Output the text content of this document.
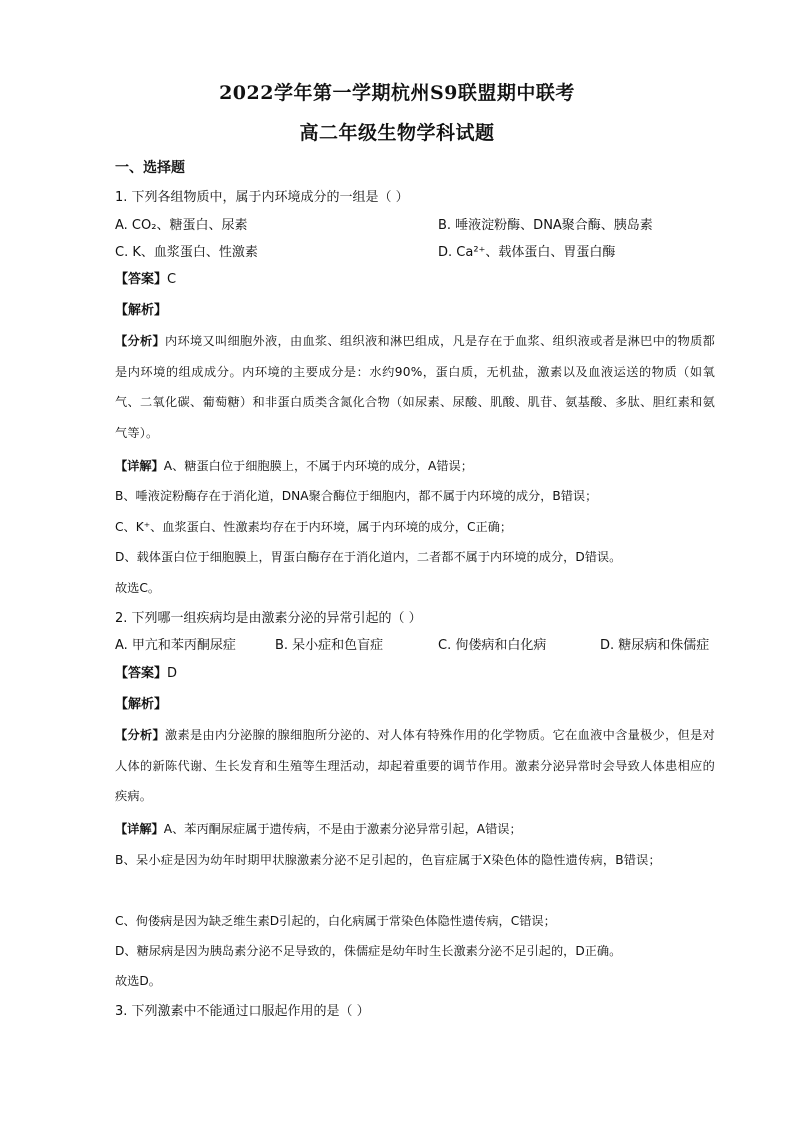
2022学年第一学期杭州S9联盟期中联考
高二年级生物学科试题
一、选择题
1. 下列各组物质中，属于内环境成分的一组是（ ）
A. CO₂、糖蛋白、尿素	B. 唾液淀粉酶、DNA聚合酶、胰岛素
C. K、血浆蛋白、性激素	D. Ca²⁺、载体蛋白、胃蛋白酶
【答案】C
【解析】
【分析】内环境又叫细胞外液，由血浆、组织液和淋巴组成，凡是存在于血浆、组织液或者是淋巴中的物质都是内环境的组成成分。内环境的主要成分是：水约90%，蛋白质，无机盐，激素以及血液运送的物质（如氧气、二氧化碳、葡萄糖）和非蛋白质类含氮化合物（如尿素、尿酸、肌酸、肌苷、氨基酸、多肽、胆红素和氨气等）。
【详解】A、糖蛋白位于细胞膜上，不属于内环境的成分，A错误；
B、唾液淀粉酶存在于消化道，DNA聚合酶位于细胞内，都不属于内环境的成分，B错误；
C、K⁺、血浆蛋白、性激素均存在于内环境，属于内环境的成分，C正确；
D、载体蛋白位于细胞膜上，胃蛋白酶存在于消化道内，二者都不属于内环境的成分，D错误。
故选C。
2. 下列哪一组疾病均是由激素分泌的异常引起的（ ）
A. 甲亢和苯丙酮尿症	B. 呆小症和色盲症	C. 佝偻病和白化病	D. 糖尿病和侏儒症
【答案】D
【解析】
【分析】激素是由内分泌腺的腺细胞所分泌的、对人体有特殊作用的化学物质。它在血液中含量极少，但是对人体的新陈代谢、生长发育和生殖等生理活动，却起着重要的调节作用。激素分泌异常时会导致人体患相应的疾病。
【详解】A、苯丙酮尿症属于遗传病，不是由于激素分泌异常引起，A错误；
B、呆小症是因为幼年时期甲状腺激素分泌不足引起的，色盲症属于X染色体的隐性遗传病，B错误；
C、佝偻病是因为缺乏维生素D引起的，白化病属于常染色体隐性遗传病，C错误；
D、糖尿病是因为胰岛素分泌不足导致的，侏儒症是幼年时生长激素分泌不足引起的，D正确。
故选D。
3. 下列激素中不能通过口服起作用的是（ ）
